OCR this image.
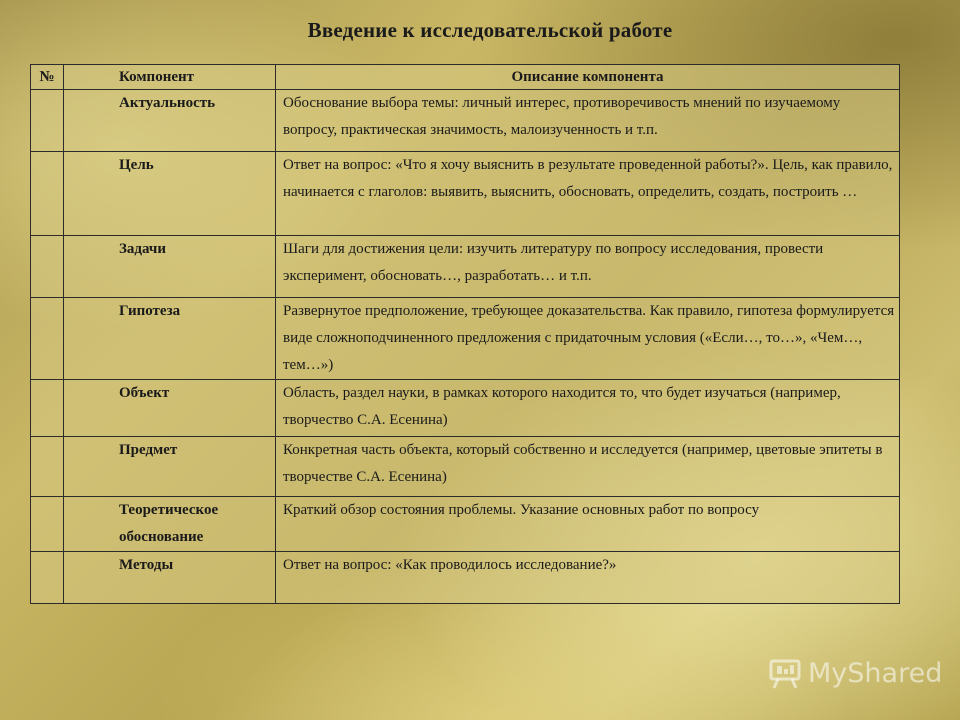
Введение к исследовательской работе
№	Компонент	Описание компонента
	Актуальность	Обоснование выбора темы: личный интерес, противоречивость мнений по изучаемому вопросу, практическая значимость, малоизученность и т.п.
	Цель	Ответ на вопрос: «Что я хочу выяснить в результате проведенной работы?». Цель, как правило, начинается с глаголов: выявить, выяснить, обосновать, определить, создать, построить …
	Задачи	Шаги для достижения цели: изучить литературу по вопросу исследования, провести эксперимент, обосновать…, разработать… и т.п.
	Гипотеза	Развернутое предположение, требующее доказательства. Как правило, гипотеза формулируется виде сложноподчиненного предложения с придаточным условия («Если…, то…», «Чем…, тем…»)
	Объект	Область, раздел науки, в рамках которого находится то, что будет изучаться (например, творчество С.А. Есенина)
	Предмет	Конкретная часть объекта, который собственно и исследуется (например, цветовые эпитеты в творчестве С.А. Есенина)
	Теоретическое обоснование	Краткий обзор состояния проблемы. Указание основных работ по вопросу
	Методы	Ответ на вопрос: «Как проводилось исследование?»
MyShared
